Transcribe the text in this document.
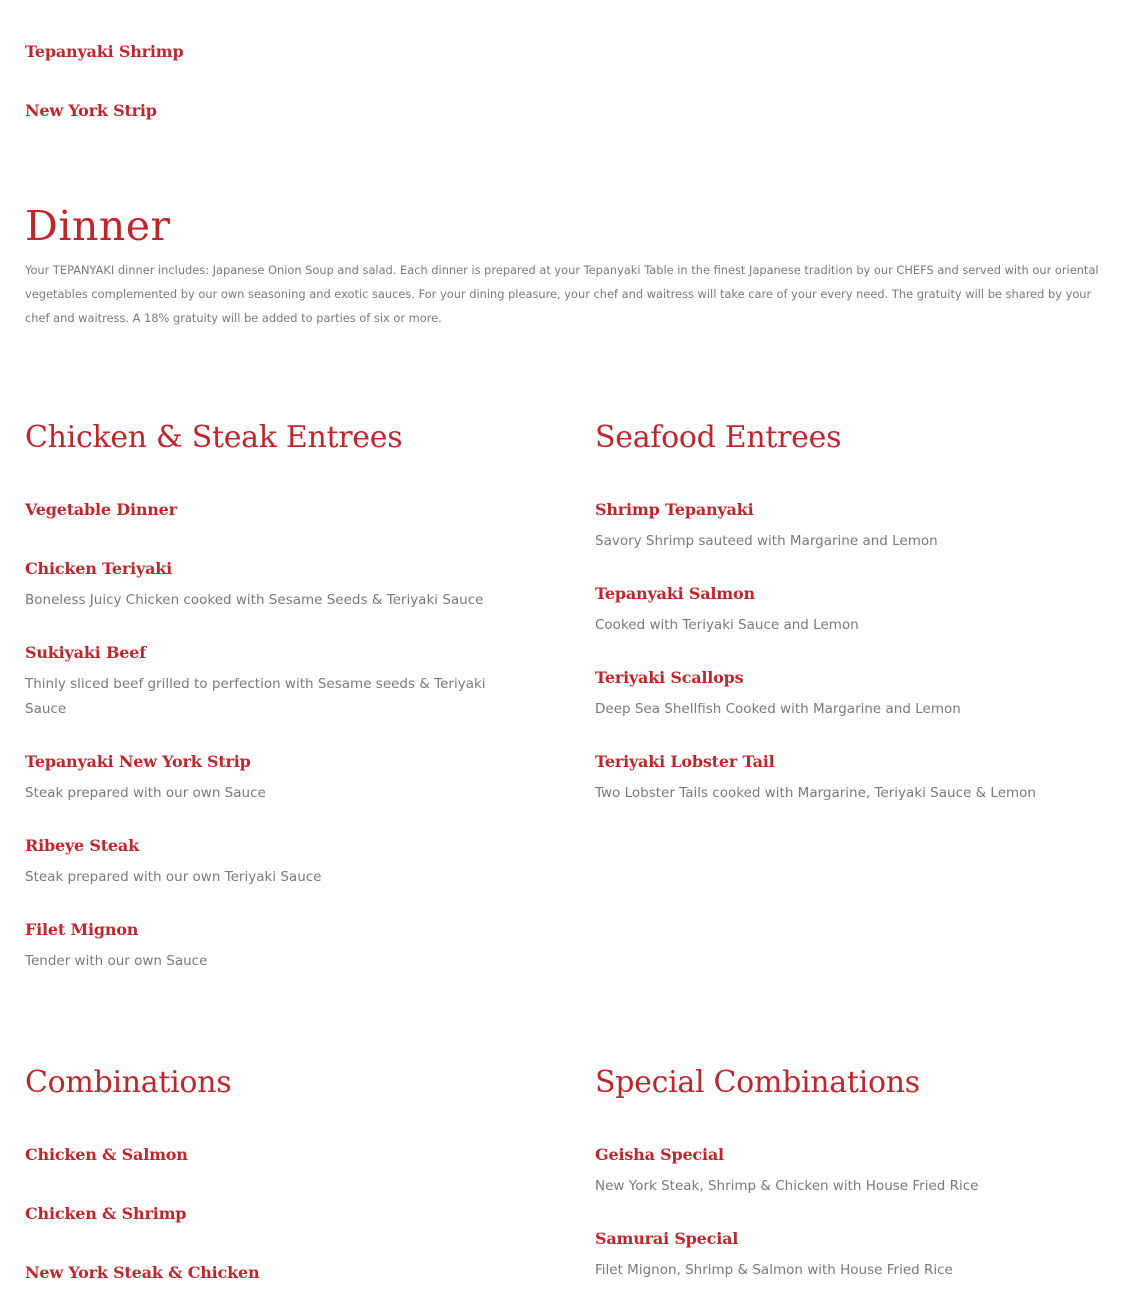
Tepanyaki Shrimp
New York Strip
Dinner

Your TEPANYAKI dinner includes: Japanese Onion Soup and salad. Each dinner is prepared at your Tepanyaki Table in the finest Japanese tradition by our CHEFS and served with our oriental vegetables complemented by our own seasoning and exotic sauces. For your dining pleasure, your chef and waitress will take care of your every need. The gratuity will be shared by your chef and waitress. A 18% gratuity will be added to parties of six or more.

Chicken & Steak Entrees
Vegetable Dinner
Chicken Teriyaki

Boneless Juicy Chicken cooked with Sesame Seeds & Teriyaki Sauce

Sukiyaki Beef

Thinly sliced beef grilled to perfection with Sesame seeds & Teriyaki Sauce

Tepanyaki New York Strip

Steak prepared with our own Sauce

Ribeye Steak

Steak prepared with our own Teriyaki Sauce

Filet Mignon

Tender with our own Sauce

Seafood Entrees
Shrimp Tepanyaki

Savory Shrimp sauteed with Margarine and Lemon

Tepanyaki Salmon

Cooked with Teriyaki Sauce and Lemon

Teriyaki Scallops

Deep Sea Shellfish Cooked with Margarine and Lemon

Teriyaki Lobster Tail

Two Lobster Tails cooked with Margarine, Teriyaki Sauce & Lemon

Combinations
Chicken & Salmon
Chicken & Shrimp
New York Steak & Chicken
Special Combinations
Geisha Special

New York Steak, Shrimp & Chicken with House Fried Rice

Samurai Special

Filet Mignon, Shrimp & Salmon with House Fried Rice
